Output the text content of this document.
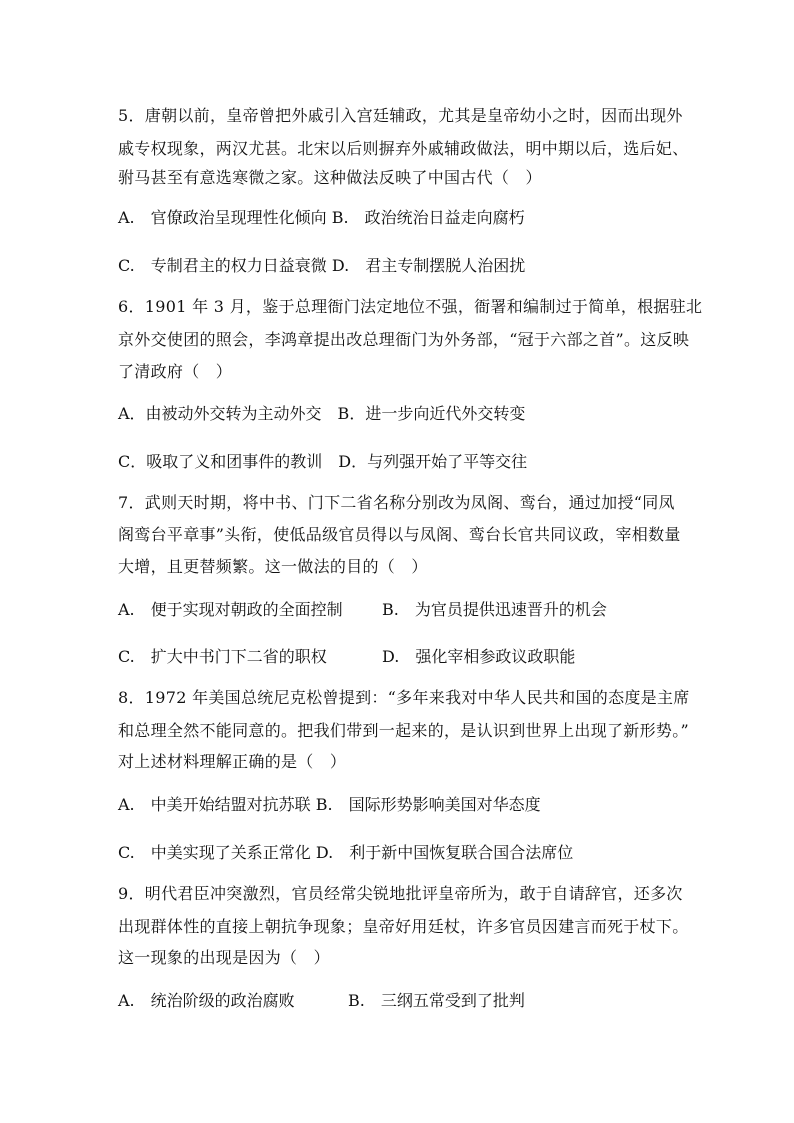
5．唐朝以前，皇帝曾把外戚引入宫廷辅政，尤其是皇帝幼小之时，因而出现外
戚专权现象，两汉尤甚。北宋以后则摒弃外戚辅政做法，明中期以后，选后妃、
驸马甚至有意选寒微之家。这种做法反映了中国古代（　）
A.　官僚政治呈现理性化倾向 B.　政治统治日益走向腐朽
C.　专制君主的权力日益衰微 D.　君主专制摆脱人治困扰
6．1901 年 3 月，鉴于总理衙门法定地位不强，衙署和编制过于简单，根据驻北
京外交使团的照会，李鸿章提出改总理衙门为外务部，“冠于六部之首”。这反映
了清政府（　）
A．由被动外交转为主动外交　B．进一步向近代外交转变
C．吸取了义和团事件的教训　D．与列强开始了平等交往
7．武则天时期，将中书、门下二省名称分别改为凤阁、鸾台，通过加授“同凤
阁鸾台平章事”头衔，使低品级官员得以与凤阁、鸾台长官共同议政，宰相数量
大增，且更替频繁。这一做法的目的（　）
A.　便于实现对朝政的全面控制 B.　为官员提供迅速晋升的机会
C.　扩大中书门下二省的职权	D.　强化宰相参政议政职能
8．1972 年美国总统尼克松曾提到：“多年来我对中华人民共和国的态度是主席
和总理全然不能同意的。把我们带到一起来的，是认识到世界上出现了新形势。”
对上述材料理解正确的是（　）
A.　中美开始结盟对抗苏联 B.　国际形势影响美国对华态度
C.　中美实现了关系正常化 D.　利于新中国恢复联合国合法席位
9．明代君臣冲突激烈，官员经常尖锐地批评皇帝所为，敢于自请辞官，还多次
出现群体性的直接上朝抗争现象；皇帝好用廷杖，许多官员因建言而死于杖下。
这一现象的出现是因为（　）
A.　统治阶级的政治腐败	B.　三纲五常受到了批判
